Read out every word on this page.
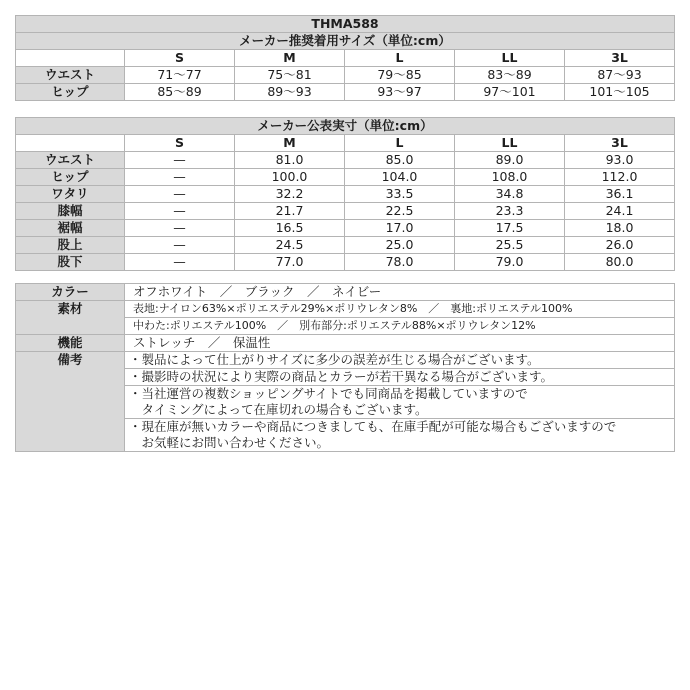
THMA588					
メーカー推奨着用サイズ（単位:cm）					
	S	M	L	LL	3L
ウエスト	71〜77	75〜81	79〜85	83〜89	87〜93
ヒップ	85〜89	89〜93	93〜97	97〜101	101〜105
メーカー公表実寸（単位:cm）					
	S	M	L	LL	3L
ウエスト	—	81.0	85.0	89.0	93.0
ヒップ	—	100.0	104.0	108.0	112.0
ワタリ	—	32.2	33.5	34.8	36.1
膝幅	—	21.7	22.5	23.3	24.1
裾幅	—	16.5	17.0	17.5	18.0
股上	—	24.5	25.0	25.5	26.0
股下	—	77.0	78.0	79.0	80.0
カラー	オフホワイト　／　ブラック　／　ネイビー
素材	表地:ナイロン63%×ポリエステル29%×ポリウレタン8%　／　裏地:ポリエステル100%
	中わた:ポリエステル100%　／　別布部分:ポリエステル88%×ポリウレタン12%
機能	ストレッチ　／　保温性
備考	・製品によって仕上がりサイズに多少の誤差が生じる場合がございます。

	・撮影時の状況により実際の商品とカラーが若干異なる場合がございます。

	・当社運営の複数ショッピングサイトでも同商品を掲載していますので
　タイミングによって在庫切れの場合もございます。

	・現在庫が無いカラーや商品につきましても、在庫手配が可能な場合もございますので
　お気軽にお問い合わせください。
